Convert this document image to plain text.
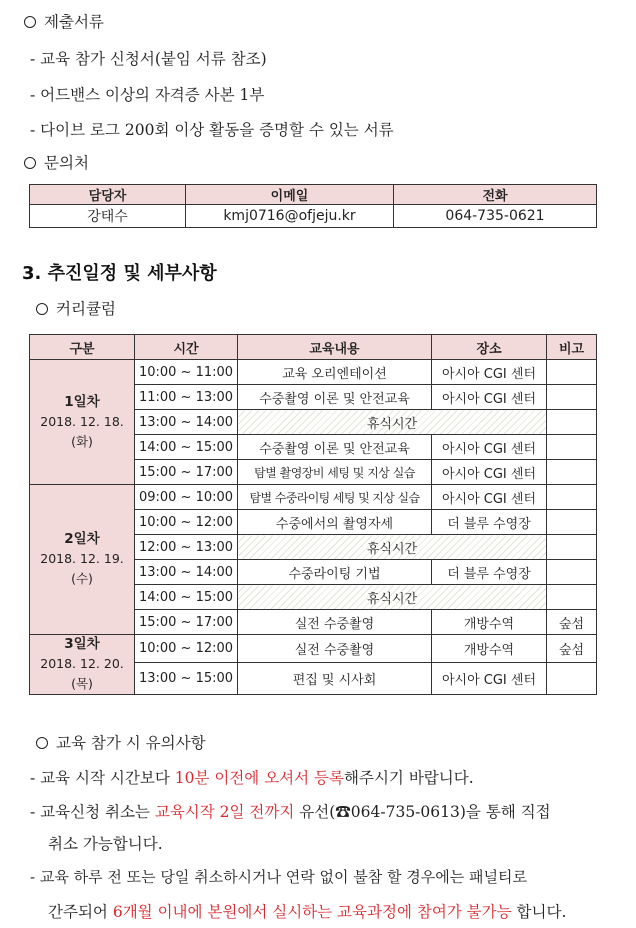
제출서류
- 교육 참가 신청서(붙임 서류 참조)
- 어드밴스 이상의 자격증 사본 1부
- 다이브 로그 200회 이상 활동을 증명할 수 있는 서류
문의처
담당자	이메일	전화
강태수	kmj0716@ofjeju.kr	064-735-0621
3. 추진일정 및 세부사항
커리큘럼
구분	시간	교육내용	장소	비고
1일차
2018. 12. 18.(화)	10:00 ~ 11:00	교육 오리엔테이션	아시아 CGI 센터	
	11:00 ~ 13:00	수중촬영 이론 및 안전교육	아시아 CGI 센터	
	13:00 ~ 14:00	휴식시간		
	14:00 ~ 15:00	수중촬영 이론 및 안전교육	아시아 CGI 센터	
	15:00 ~ 17:00	탐별 촬영장비 세팅 및 지상 실습	아시아 CGI 센터	
2일차
2018. 12. 19.(수)	09:00 ~ 10:00	탐별 수중라이팅 세팅 및 지상 실습	아시아 CGI 센터	
	10:00 ~ 12:00	수중에서의 촬영자세	더 블루 수영장	
	12:00 ~ 13:00	휴식시간		
	13:00 ~ 14:00	수중라이팅 기법	더 블루 수영장	
	14:00 ~ 15:00	휴식시간		
	15:00 ~ 17:00	실전 수중촬영	개방수역	숲섬
3일차
2018. 12. 20.(목)	10:00 ~ 12:00	실전 수중촬영	개방수역	숲섬
	13:00 ~ 15:00	편집 및 시사회	아시아 CGI 센터	
교육 참가 시 유의사항
- 교육 시작 시간보다 10분 이전에 오셔서 등록해주시기 바랍니다.
- 교육신청 취소는 교육시작 2일 전까지 유선(☎064-735-0613)을 통해 직접
취소 가능합니다.
- 교육 하루 전 또는 당일 취소하시거나 연락 없이 불참 할 경우에는 패널티로
간주되어 6개월 이내에 본원에서 실시하는 교육과정에 참여가 불가능 합니다.
